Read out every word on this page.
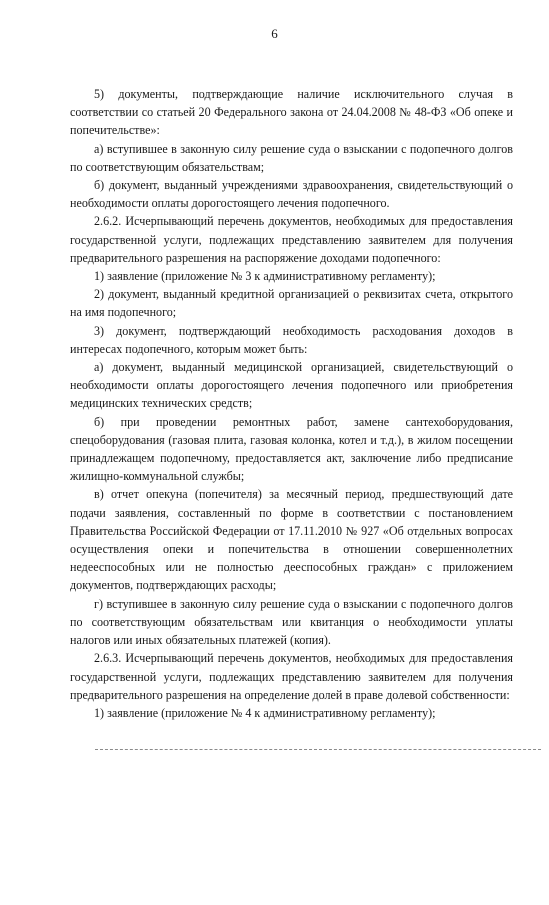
6

5) документы, подтверждающие наличие исключительного случая в соответствии со статьей 20 Федерального закона от 24.04.2008 № 48-ФЗ «Об опеке и попечительстве»:

а) вступившее в законную силу решение суда о взыскании с подопечного долгов по соответствующим обязательствам;

б) документ, выданный учреждениями здравоохранения, свидетельствующий о необходимости оплаты дорогостоящего лечения подопечного.

2.6.2. Исчерпывающий перечень документов, необходимых для предоставления государственной услуги, подлежащих представлению заявителем для получения предварительного разрешения на распоряжение доходами подопечного:

1) заявление (приложение № 3 к административному регламенту);

2) документ, выданный кредитной организацией о реквизитах счета, открытого на имя подопечного;

3) документ, подтверждающий необходимость расходования доходов в интересах подопечного, которым может быть:

а) документ, выданный медицинской организацией, свидетельствующий о необходимости оплаты дорогостоящего лечения подопечного или приобретения медицинских технических средств;

б) при проведении ремонтных работ, замене сантехоборудования, спецоборудования (газовая плита, газовая колонка, котел и т.д.), в жилом посещении принадлежащем подопечному, предоставляется акт, заключение либо предписание жилищно-коммунальной службы;

в) отчет опекуна (попечителя) за месячный период, предшествующий дате подачи заявления, составленный по форме в соответствии с постановлением Правительства Российской Федерации от 17.11.2010 № 927 «Об отдельных вопросах осуществления опеки и попечительства в отношении совершеннолетних недееспособных или не полностью дееспособных граждан» с приложением документов, подтверждающих расходы;

г) вступившее в законную силу решение суда о взыскании с подопечного долгов по соответствующим обязательствам или квитанция о необходимости уплаты налогов или иных обязательных платежей (копия).

2.6.3. Исчерпывающий перечень документов, необходимых для предоставления государственной услуги, подлежащих представлению заявителем для получения предварительного разрешения на определение долей в праве долевой собственности:

1) заявление (приложение № 4 к административному регламенту);
